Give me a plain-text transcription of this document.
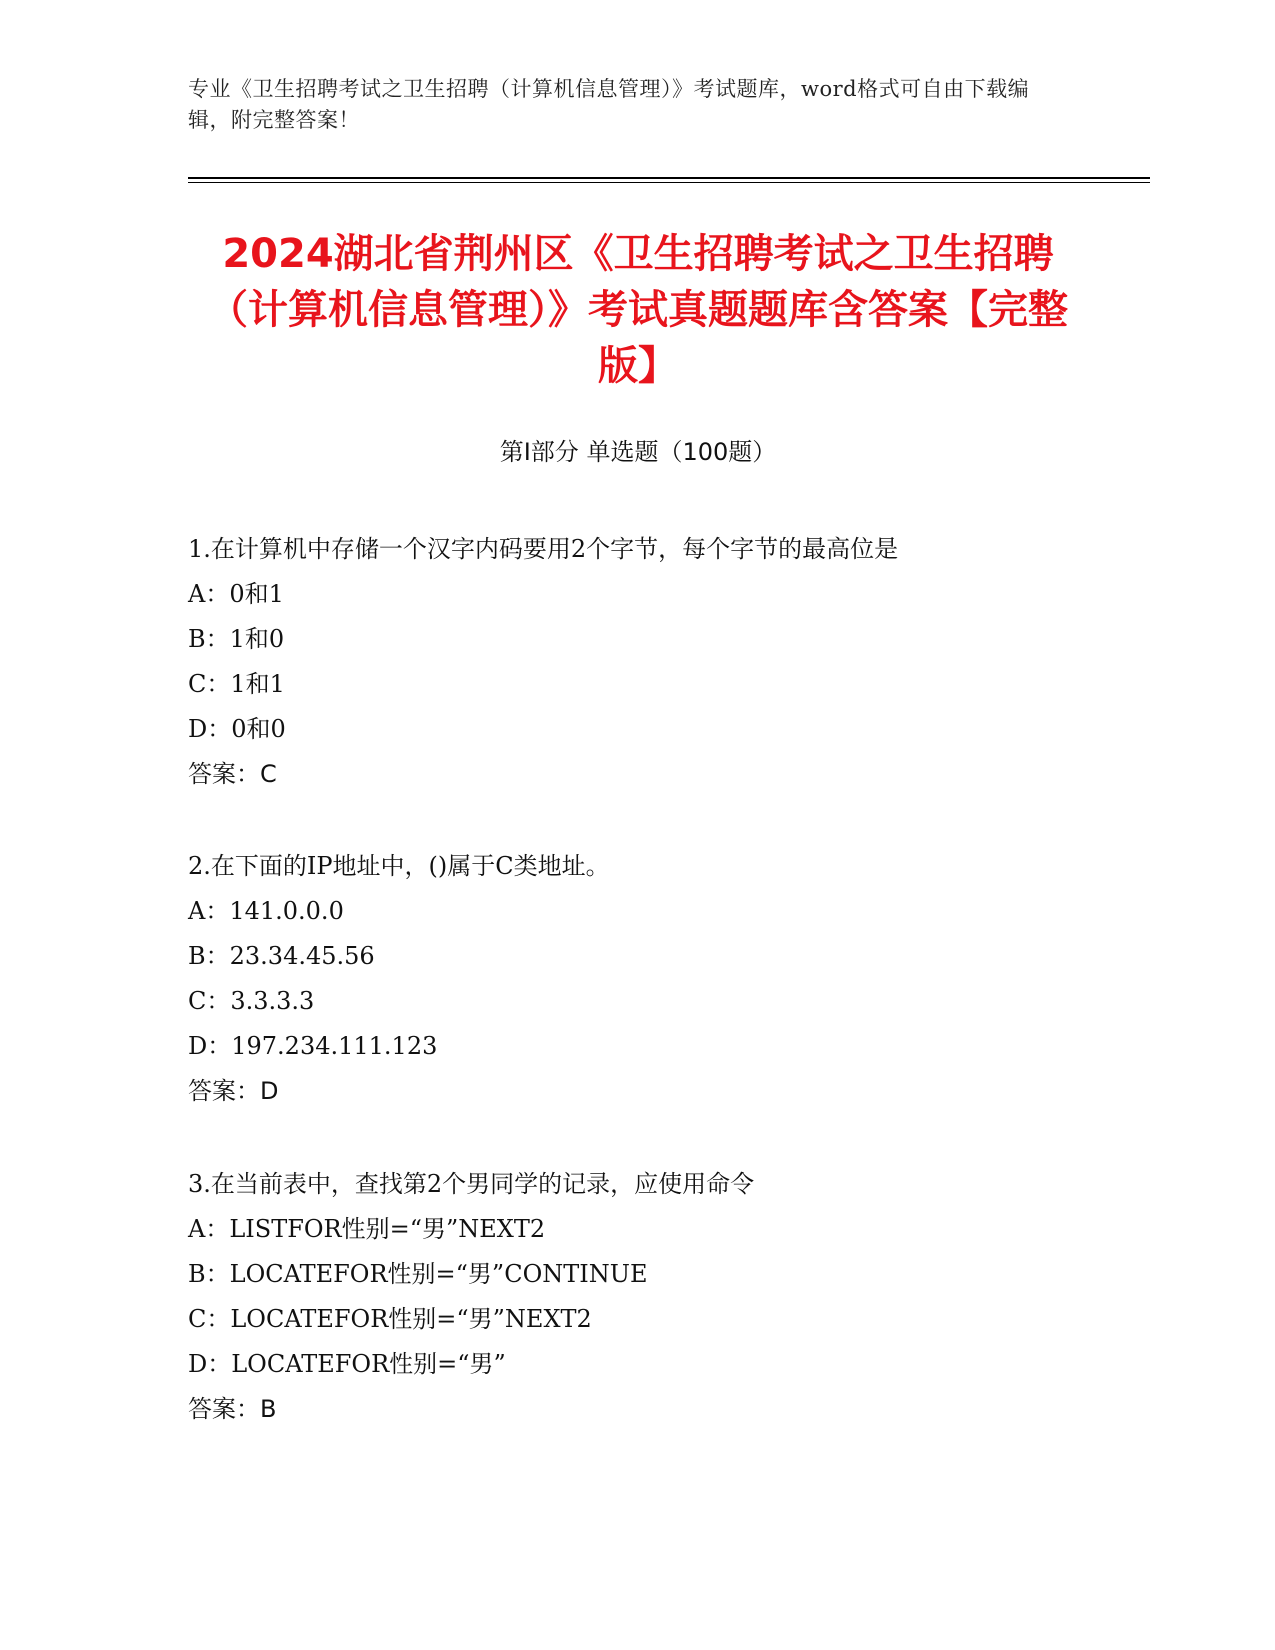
专业《卫生招聘考试之卫生招聘（计算机信息管理）》考试题库，word格式可自由下载编辑，附完整答案！
2024湖北省荆州区《卫生招聘考试之卫生招聘（计算机信息管理）》考试真题题库含答案【完整版】
第Ⅰ部分 单选题（100题）
1.在计算机中存储一个汉字内码要用2个字节，每个字节的最高位是
A：0和1
B：1和0
C：1和1
D：0和0
答案：C
2.在下面的IP地址中，()属于C类地址。
A：141.0.0.0
B：23.34.45.56
C：3.3.3.3
D：197.234.111.123
答案：D
3.在当前表中，查找第2个男同学的记录，应使用命令
A：LISTFOR性别=“男”NEXT2
B：LOCATEFOR性别=“男”CONTINUE
C：LOCATEFOR性别=“男”NEXT2
D：LOCATEFOR性别=“男”
答案：B
